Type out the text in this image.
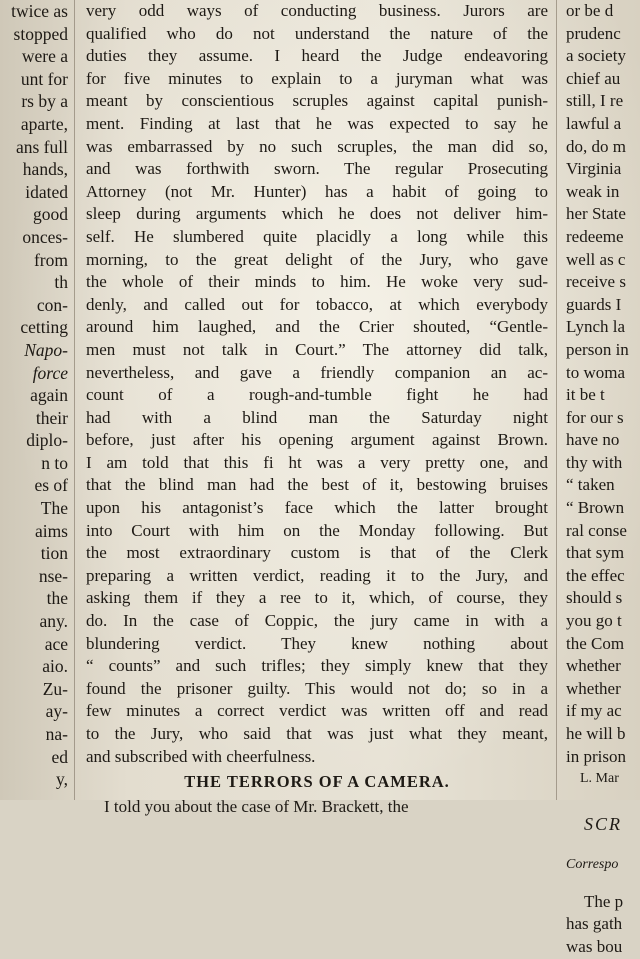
twice as
stopped
were a
unt for
rs by a
aparte,
ans full
hands,
idated
good
onces-
from
th
con-
cetting
Napo-
force
again
their
diplo-
n to
es of
The
aims
tion
nse-
the
any.
ace
aio.
Zu-
ay-
na-
ed
y,
very odd ways of conducting business. Jurors are
qualified who do not understand the nature of the
duties they assume. I heard the Judge endeavoring
for five minutes to explain to a juryman what was
meant by conscientious scruples against capital punish-
ment. Finding at last that he was expected to say he
was embarrassed by no such scruples, the man did so,
and was forthwith sworn. The regular Prosecuting
Attorney (not Mr. Hunter) has a habit of going to
sleep during arguments which he does not deliver him-
self. He slumbered quite placidly a long while this
morning, to the great delight of the Jury, who gave
the whole of their minds to him. He woke very sud-
denly, and called out for tobacco, at which everybody
around him laughed, and the Crier shouted, “Gentle-
men must not talk in Court.” The attorney did talk,
nevertheless, and gave a friendly companion an ac-
count of a rough-and-tumble fight he had
had with a blind man the Saturday night
before, just after his opening argument against Brown.
I am told that this fi ht was a very pretty one, and
that the blind man had the best of it, bestowing bruises
upon his antagonist’s face which the latter brought
into Court with him on the Monday following. But
the most extraordinary custom is that of the Clerk
preparing a written verdict, reading it to the Jury, and
asking them if they a ree to it, which, of course, they
do. In the case of Coppic, the jury came in with a
blundering verdict. They knew nothing about
“ counts” and such trifles; they simply knew that they
found the prisoner guilty. This would not do; so in a
few minutes a correct verdict was written off and read
to the Jury, who said that was just what they meant,
and subscribed with cheerfulness.
THE TERRORS OF A CAMERA.
I told you about the case of Mr. Brackett, the
or be d
prudenc
a society
chief au
still, I re
lawful a
do, do m
Virginia
weak in
her State
redeeme
well as c
receive s
guards I
Lynch la
person in
to woma
it be t
for our s
have no
thy with
“ taken
“ Brown
ral conse
that sym
the effec
should s
you go t
the Com
whether
whether
if my ac
he will b
in prison
L. Mar
SCR
Correspo
The p
has gath
was bou
